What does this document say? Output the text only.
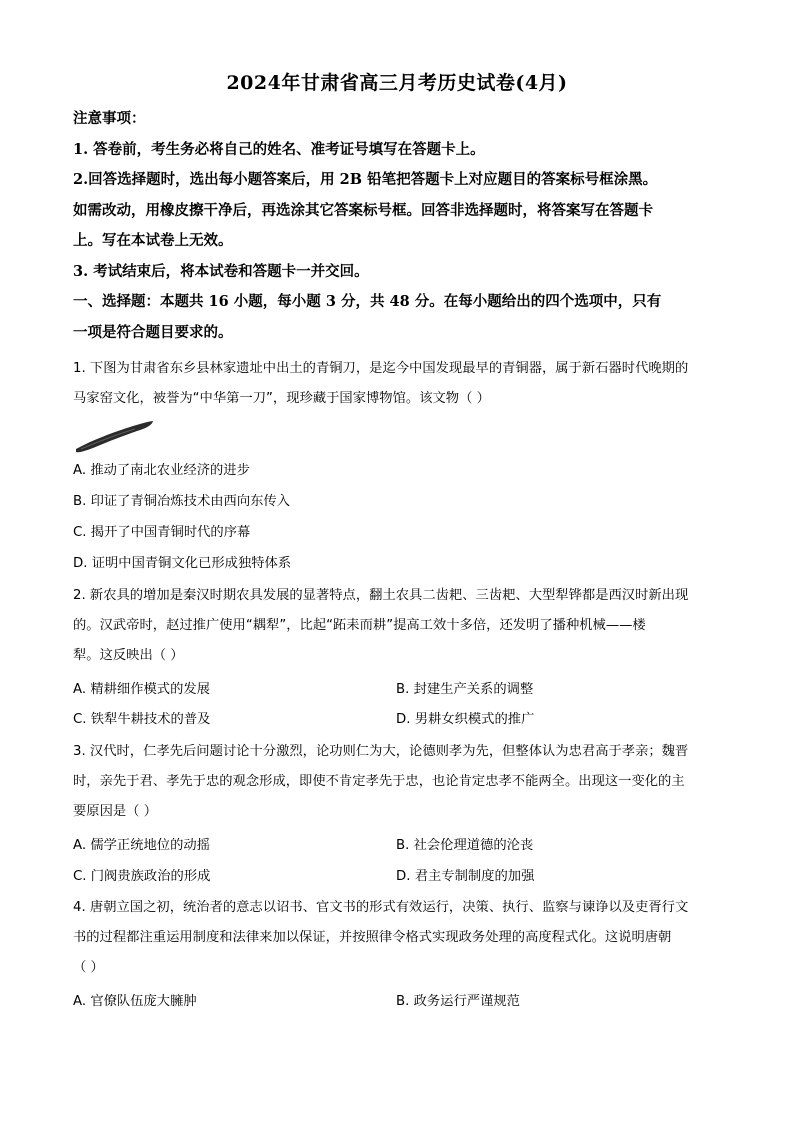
2024年甘肃省高三月考历史试卷(4月)

注意事项：

1. 答卷前，考生务必将自己的姓名、准考证号填写在答题卡上。

2.回答选择题时，选出每小题答案后，用 2B 铅笔把答题卡上对应题目的答案标号框涂黑。

如需改动，用橡皮擦干净后，再选涂其它答案标号框。回答非选择题时，将答案写在答题卡

上。写在本试卷上无效。

3. 考试结束后，将本试卷和答题卡一并交回。

一、选择题：本题共 16 小题，每小题 3 分，共 48 分。在每小题给出的四个选项中，只有

一项是符合题目要求的。

1. 下图为甘肃省东乡县林家遗址中出土的青铜刀，是迄今中国发现最早的青铜器，属于新石器时代晚期的

马家窑文化，被誉为“中华第一刀”，现珍藏于国家博物馆。该文物（ ）

A. 推动了南北农业经济的进步
B. 印证了青铜冶炼技术由西向东传入
C. 揭开了中国青铜时代的序幕
D. 证明中国青铜文化已形成独特体系

2. 新农具的增加是秦汉时期农具发展的显著特点，翻土农具二齿耙、三齿耙、大型犁铧都是西汉时新出现

的。汉武帝时，赵过推广使用“耦犁”，比起“跖耒而耕”提高工效十多倍，还发明了播种机械——楼

犁。这反映出（ ）

A. 精耕细作模式的发展	B. 封建生产关系的调整
C. 铁犁牛耕技术的普及	D. 男耕女织模式的推广

3. 汉代时，仁孝先后问题讨论十分激烈，论功则仁为大，论德则孝为先，但整体认为忠君高于孝亲；魏晋

时，亲先于君、孝先于忠的观念形成，即使不肯定孝先于忠，也论肯定忠孝不能两全。出现这一变化的主

要原因是（ ）

A. 儒学正统地位的动摇	B. 社会伦理道德的沦丧
C. 门阀贵族政治的形成	D. 君主专制制度的加强

4. 唐朝立国之初，统治者的意志以诏书、官文书的形式有效运行，决策、执行、监察与谏诤以及吏胥行文

书的过程都注重运用制度和法律来加以保证，并按照律令格式实现政务处理的高度程式化。这说明唐朝

（ ）

A. 官僚队伍庞大臃肿	B. 政务运行严谨规范
